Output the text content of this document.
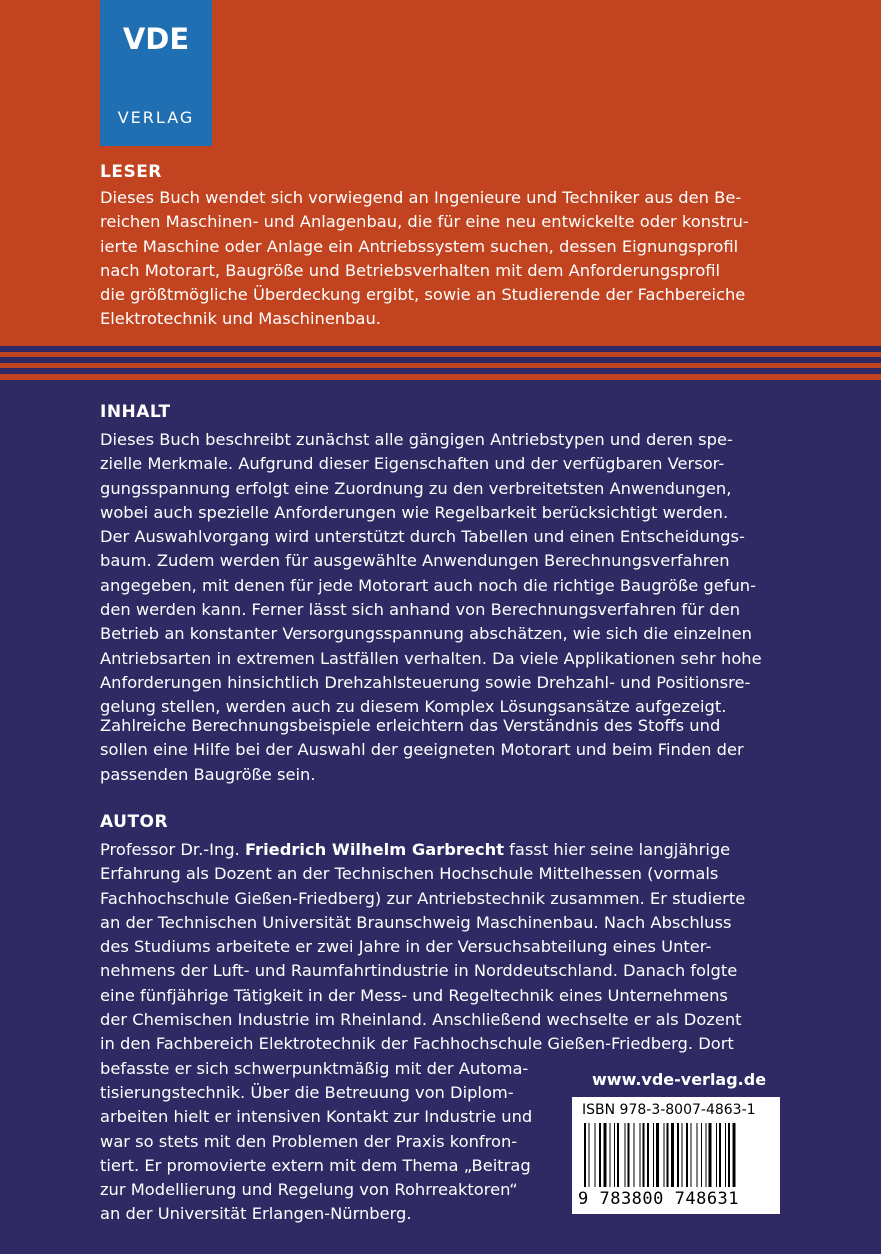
VDE
VERLAG
LESER
Dieses Buch wendet sich vorwiegend an Ingenieure und Techniker aus den Be-
reichen Maschinen- und Anlagenbau, die für eine neu entwickelte oder konstru-
ierte Maschine oder Anlage ein Antriebssystem suchen, dessen Eignungsprofil
nach Motorart, Baugröße und Betriebsverhalten mit dem Anforderungsprofil
die größtmögliche Überdeckung ergibt, sowie an Studierende der Fachbereiche
Elektrotechnik und Maschinenbau.
INHALT
Dieses Buch beschreibt zunächst alle gängigen Antriebstypen und deren spe-
zielle Merkmale. Aufgrund dieser Eigenschaften und der verfügbaren Versor-
gungsspannung erfolgt eine Zuordnung zu den verbreitetsten Anwendungen,
wobei auch spezielle Anforderungen wie Regelbarkeit berücksichtigt werden.
Der Auswahlvorgang wird unterstützt durch Tabellen und einen Entscheidungs-
baum. Zudem werden für ausgewählte Anwendungen Berechnungsverfahren
angegeben, mit denen für jede Motorart auch noch die richtige Baugröße gefun-
den werden kann. Ferner lässt sich anhand von Berechnungsverfahren für den
Betrieb an konstanter Versorgungsspannung abschätzen, wie sich die einzelnen
Antriebsarten in extremen Lastfällen verhalten. Da viele Applikationen sehr hohe
Anforderungen hinsichtlich Drehzahlsteuerung sowie Drehzahl- und Positionsre-
gelung stellen, werden auch zu diesem Komplex Lösungsansätze aufgezeigt.
Zahlreiche Berechnungsbeispiele erleichtern das Verständnis des Stoffs und
sollen eine Hilfe bei der Auswahl der geeigneten Motorart und beim Finden der
passenden Baugröße sein.
AUTOR
Professor Dr.-Ing. Friedrich Wilhelm Garbrecht fasst hier seine langjährige
Erfahrung als Dozent an der Technischen Hochschule Mittelhessen (vormals
Fachhochschule Gießen-Friedberg) zur Antriebstechnik zusammen. Er studierte
an der Technischen Universität Braunschweig Maschinenbau. Nach Abschluss
des Studiums arbeitete er zwei Jahre in der Versuchsabteilung eines Unter-
nehmens der Luft- und Raumfahrtindustrie in Norddeutschland. Danach folgte
eine fünfjährige Tätigkeit in der Mess- und Regeltechnik eines Unternehmens
der Chemischen Industrie im Rheinland. Anschließend wechselte er als Dozent
in den Fachbereich Elektrotechnik der Fachhochschule Gießen-Friedberg. Dort
befasste er sich schwerpunktmäßig mit der Automa-
tisierungstechnik. Über die Betreuung von Diplom-
arbeiten hielt er intensiven Kontakt zur Industrie und
war so stets mit den Problemen der Praxis konfron-
tiert. Er promovierte extern mit dem Thema „Beitrag
zur Modellierung und Regelung von Rohrreaktoren“
an der Universität Erlangen-Nürnberg.
www.vde-verlag.de
ISBN 978-3-8007-4863-1
9 783800 748631
